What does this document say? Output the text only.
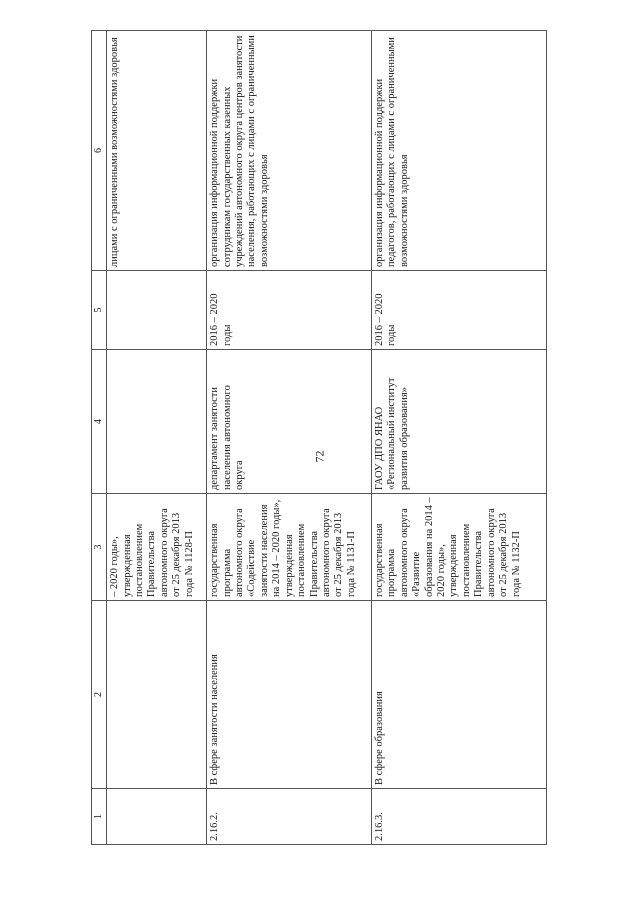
72
1	2	3	4	5	6
		– 2020 годы», утвержденная постановлением Правительства автономного округа от 25 декабря 2013 года № 1128-П			лицами с ограниченными возможностями здоровья
2.16.2.	В сфере занятости населения	государственная программа автономного округа «Содействие занятости населения на 2014 – 2020 годы», утвержденная постановлением Правительства автономного округа от 25 декабря 2013 года № 1131-П	департамент занятости населения автономного округа	2016 – 2020 годы	организация информационной поддержки сотрудникам государственных казенных учреждений автономного округа центров занятости населения, работающих с лицами с ограниченными возможностями здоровья
2.16.3.	В сфере образования	государственная программа автономного округа «Развитие образования на 2014 – 2020 годы», утвержденная постановлением Правительства автономного округа от 25 декабря 2013 года № 1132-П	ГАОУ ДПО ЯНАО «Региональный институт развития образования»	2016 – 2020 годы	организация информационной поддержки педагогов, работающих с лицами с ограниченными возможностями здоровья
